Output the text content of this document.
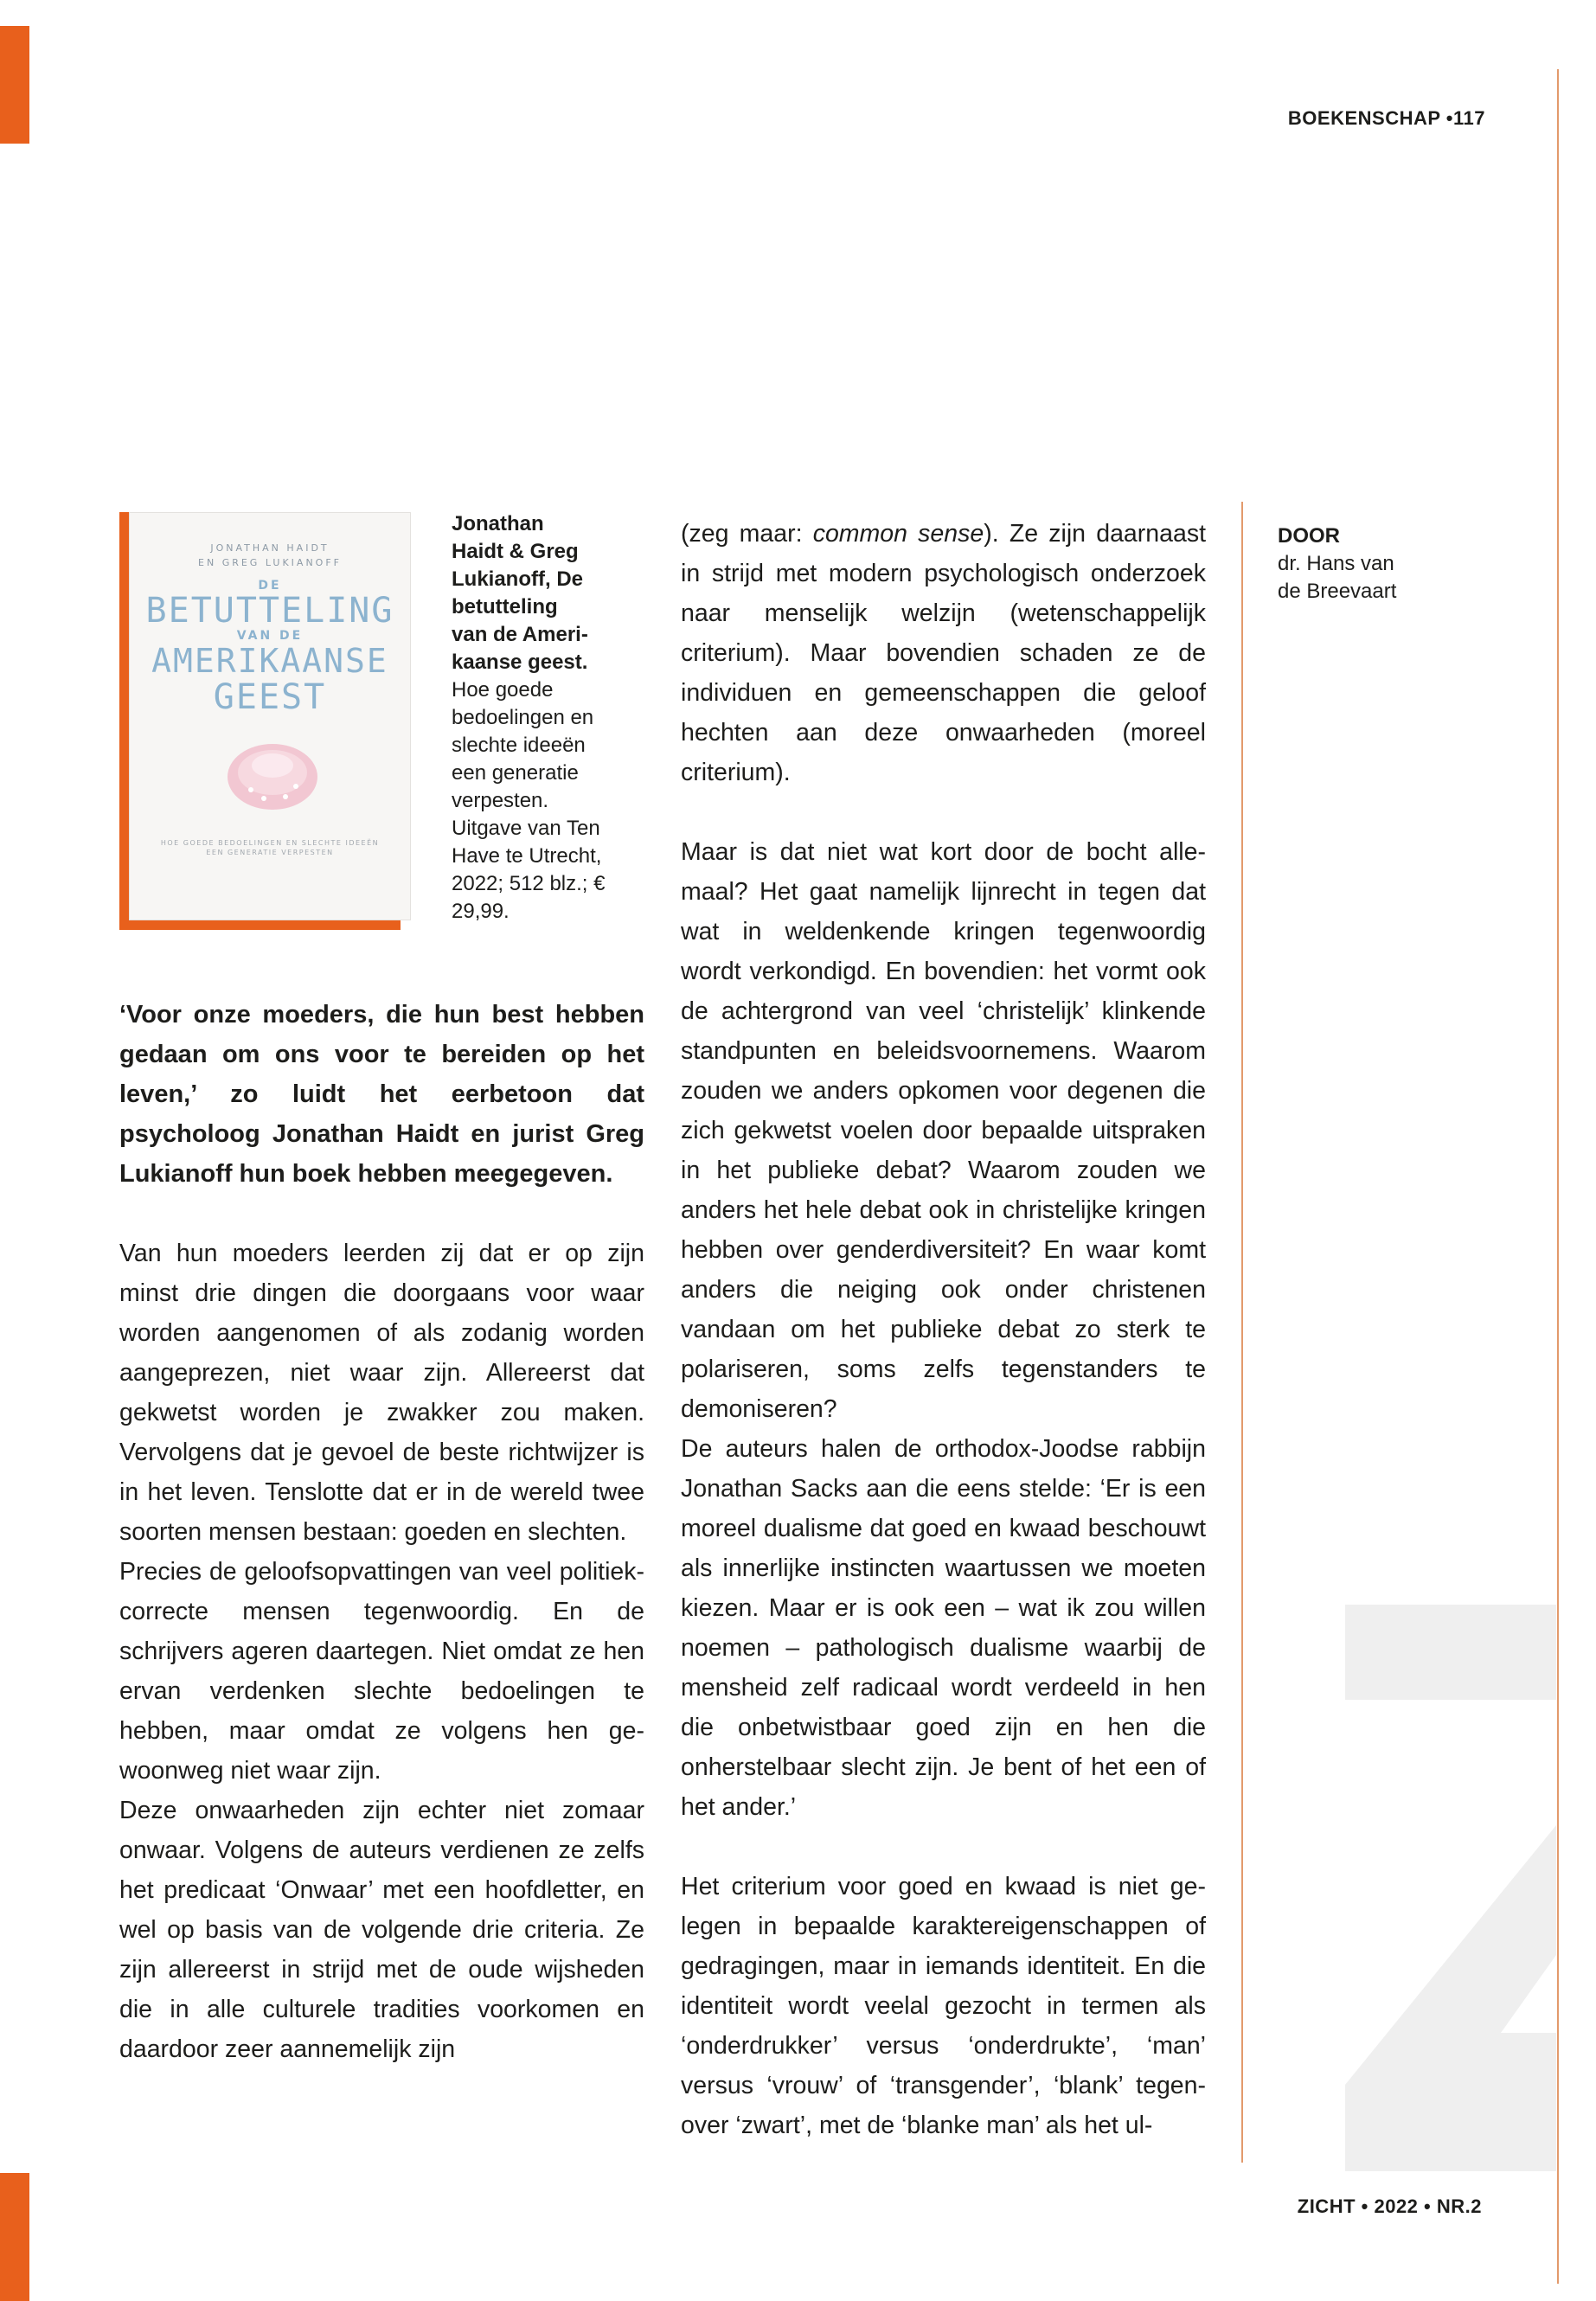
BOEKENSCHAP •117
JONATHAN HAIDT
EN GREG LUKIANOFF
DE
BETUTTELING
VAN DE
AMERIKAANSE
GEEST
HOE GOEDE BEDOELINGEN EN SLECHTE IDEEËN
EEN GENERATIE VERPESTEN
Jonathan
Haidt & Greg
Lukianoff, De
betutteling
van de Ameri-
kaanse geest.
Hoe goede
bedoelingen en
slechte ideeën
een generatie
verpesten.
Uitgave van Ten
Have te Utrecht,
2022; 512 blz.; €
29,99.
DOOR
dr. Hans van
de Breevaart

‘Voor onze moeders, die hun best hebben gedaan om ons voor te bereiden op het leven,’ zo luidt het eerbetoon dat psycholoog Jonathan Haidt en jurist Greg Lukianoff hun boek hebben meegegeven.

Van hun moeders leerden zij dat er op zijn minst drie dingen die doorgaans voor waar worden aangenomen of als zodanig worden aangeprezen, niet waar zijn. Allereerst dat gekwetst worden je zwakker zou maken. Vervolgens dat je gevoel de beste richtwijzer is in het leven. Tenslotte dat er in de wereld twee soorten mensen bestaan: goeden en slechten.

Precies de geloofsopvattingen van veel politiek-correcte mensen tegenwoordig. En de schrijvers ageren daartegen. Niet omdat ze hen ervan verdenken slechte bedoelingen te hebben, maar omdat ze volgens hen gewoonweg niet waar zijn.

Deze onwaarheden zijn echter niet zomaar onwaar. Volgens de auteurs verdienen ze zelfs het predicaat ‘Onwaar’ met een hoofdletter, en wel op basis van de volgende drie criteria. Ze zijn allereerst in strijd met de oude wijsheden die in alle culturele tradities voorkomen en daardoor zeer aannemelijk zijn

(zeg maar: common sense). Ze zijn daarnaast in strijd met modern psychologisch onderzoek naar menselijk welzijn (wetenschappelijk criterium). Maar bovendien schaden ze de individuen en gemeenschappen die geloof hechten aan deze onwaarheden (moreel criterium).

Maar is dat niet wat kort door de bocht allemaal? Het gaat namelijk lijnrecht in tegen dat wat in weldenkende kringen tegenwoordig wordt verkondigd. En bovendien: het vormt ook de achtergrond van veel ‘christelijk’ klinkende standpunten en beleidsvoornemens. Waarom zouden we anders opkomen voor degenen die zich gekwetst voelen door bepaalde uitspraken in het publieke debat? Waarom zouden we anders het hele debat ook in christelijke kringen hebben over genderdiversiteit? En waar komt anders die neiging ook onder christenen vandaan om het publieke debat zo sterk te polariseren, soms zelfs tegenstanders te demoniseren?

De auteurs halen de orthodox-Joodse rabbijn Jonathan Sacks aan die eens stelde: ‘Er is een moreel dualisme dat goed en kwaad beschouwt als innerlijke instincten waartussen we moeten kiezen. Maar er is ook een – wat ik zou willen noemen – pathologisch dualisme waarbij de mensheid zelf radicaal wordt verdeeld in hen die onbetwistbaar goed zijn en hen die onherstelbaar slecht zijn. Je bent of het een of het ander.’

Het criterium voor goed en kwaad is niet gelegen in bepaalde karaktereigenschappen of gedragingen, maar in iemands identiteit. En die identiteit wordt veelal gezocht in termen als ‘onderdrukker’ versus ‘onderdrukte’, ‘man’ versus ‘vrouw’ of ‘transgender’, ‘blank’ tegenover ‘zwart’, met de ‘blanke man’ als het ul-

ZICHT • 2022 • NR.2
